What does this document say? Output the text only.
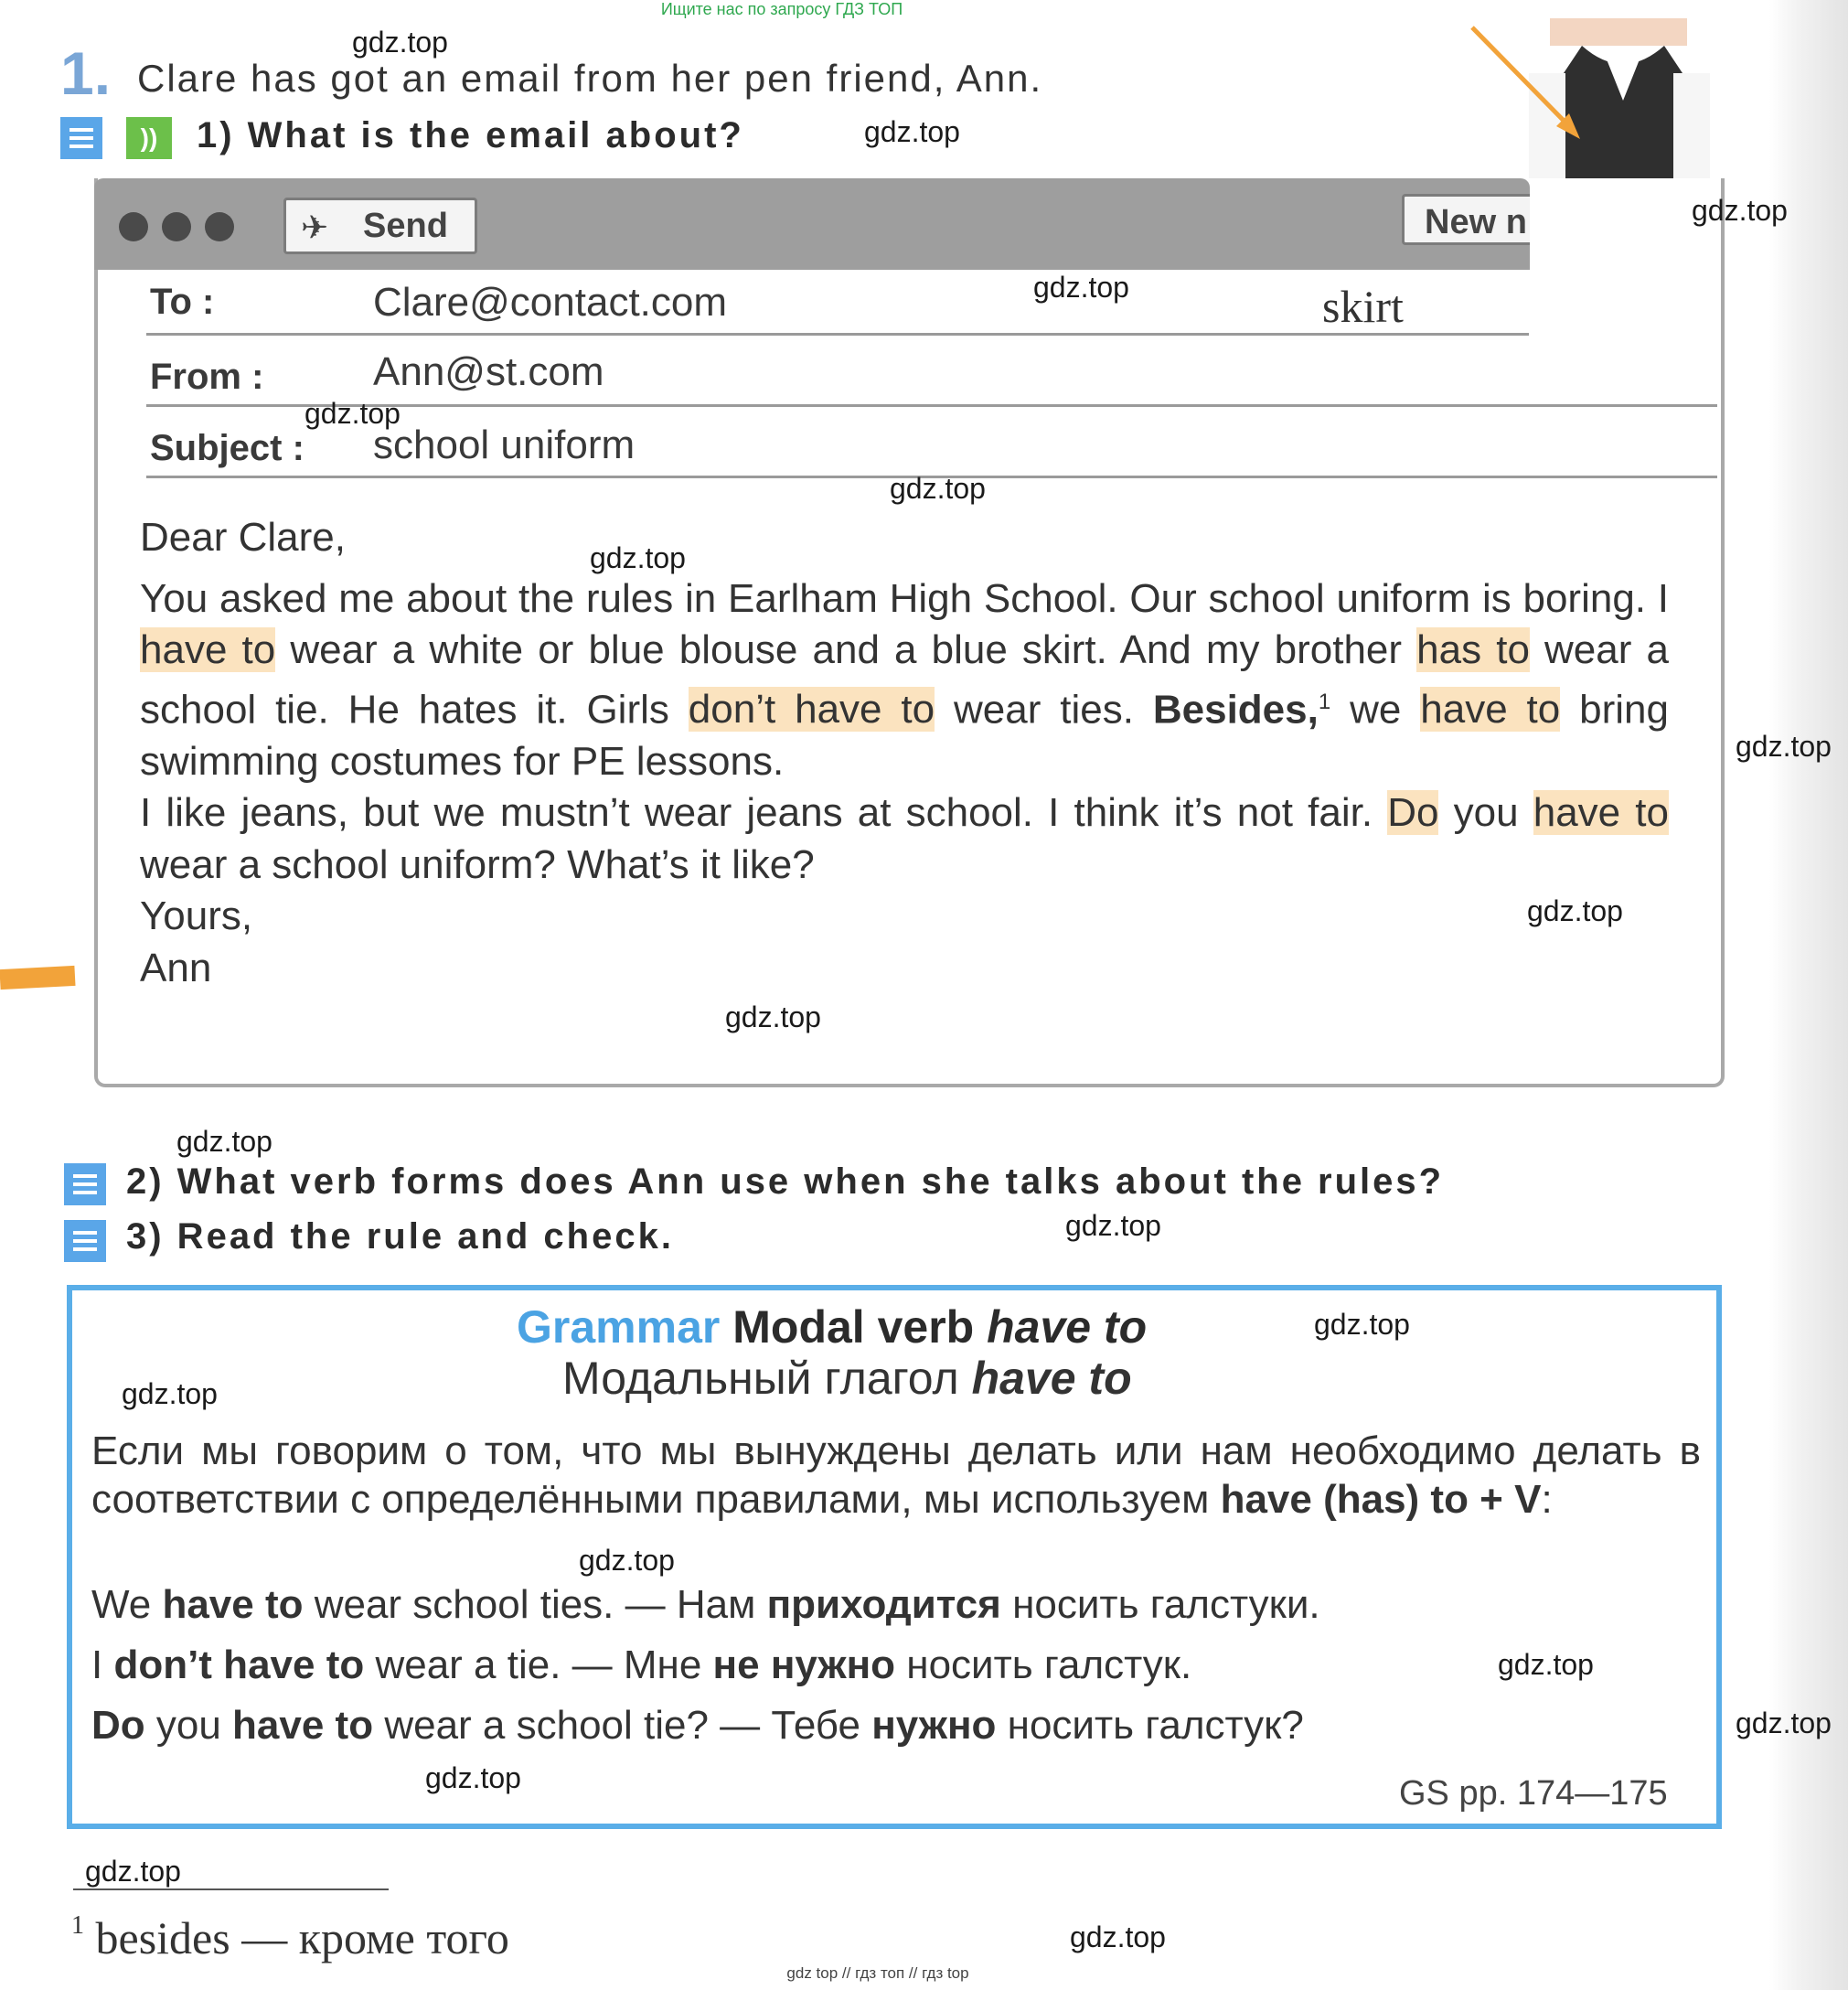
Ищите нас по запросу ГДЗ ТОП
1. Clare has got an email from her pen friend, Ann.
))	1) What is the email about?
✈ Send	New n
To :	Clare@contact.com	skirt
From :	Ann@st.com
Subject : school uniform

Dear Clare,

You asked me about the rules in Earlham High School. Our school uniform is boring. I have to wear a white or blue blouse and a blue skirt. And my brother has to wear a school tie. He hates it. Girls don’t have to wear ties. Besides,$^1$ we have to bring swimming costumes for PE lessons.

I like jeans, but we mustn’t wear jeans at school. I think it’s not fair. Do you have to wear a school uniform? What’s it like?

Yours,

Ann

2) What verb forms does Ann use when she talks about the rules?
3) Read the rule and check.
Grammar Modal verb have to
Модальный глагол have to
Если мы говорим о том, что мы вынуждены делать или нам необходимо делать в соответствии с определёнными правилами, мы используем have (has) to + V:
We have to wear school ties. — Нам приходится носить галстуки.
I don’t have to wear a tie. — Мне не нужно носить галстук.
Do you have to wear a school tie? — Тебе нужно носить галстук?
GS pp. 174—175
$^1$ besides — кроме того
gdz top // гдз топ // гдз top
gdz.top
gdz.top
gdz.top
gdz.top
gdz.top
gdz.top
gdz.top
gdz.top
gdz.top
gdz.top
gdz.top
gdz.top
gdz.top
gdz.top
gdz.top
gdz.top
gdz.top
gdz.top
gdz.top
gdz.top
